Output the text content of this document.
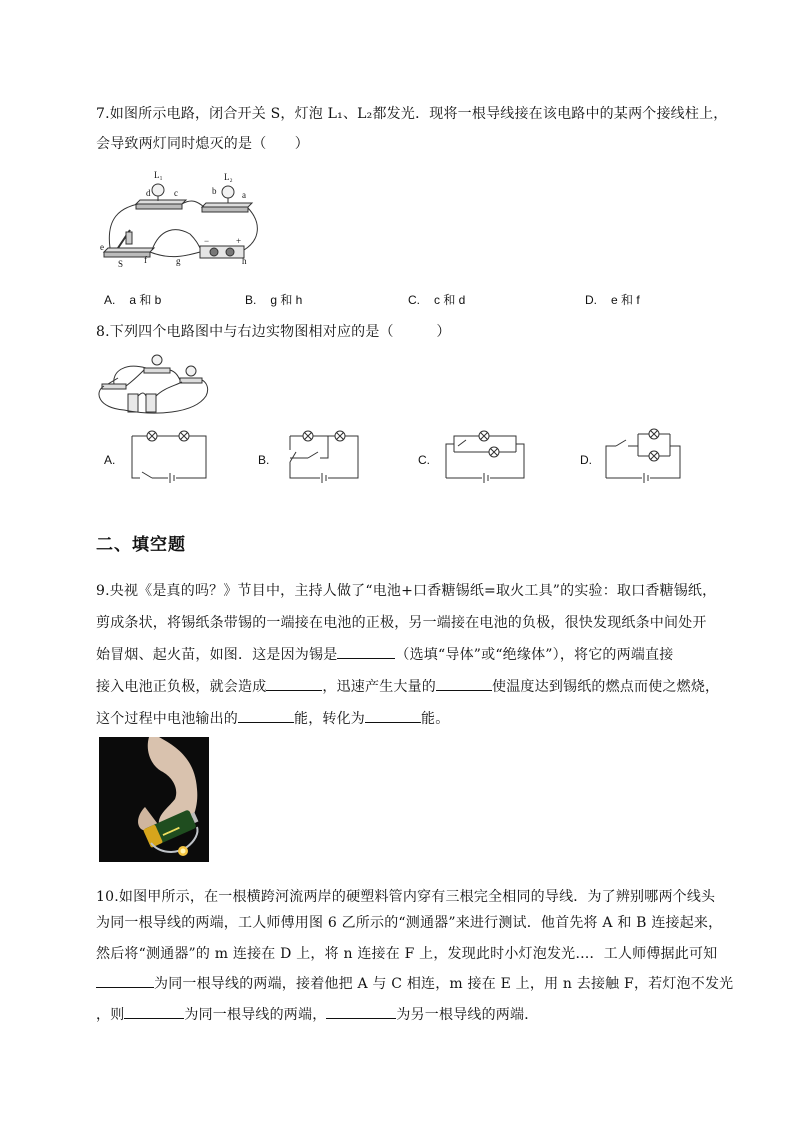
7.如图所示电路，闭合开关 S，灯泡 L₁、L₂都发光．现将一根导线接在该电路中的某两个接线柱上，
会导致两灯同时熄灭的是（　　）
L₁	L₂
d	c	b	a
e
S f	g	h
−	+
A. a 和 b	B. g 和 h	C. c 和 d	D. e 和 f
8.下列四个电路图中与右边实物图相对应的是（　　　）
A.	B.	C.	D.
二、填空题
9.央视《是真的吗？》节目中，主持人做了“电池+口香糖锡纸=取火工具”的实验：取口香糖锡纸，
剪成条状，将锡纸条带锡的一端接在电池的正极，另一端接在电池的负极，很快发现纸条中间处开
始冒烟、起火苗，如图．这是因为锡是	（选填“导体”或“绝缘体”），将它的两端直接
接入电池正负极，就会造成	，迅速产生大量的	使温度达到锡纸的燃点而使之燃烧，
这个过程中电池输出的	能，转化为	能。
▬▬▬
10.如图甲所示，在一根横跨河流两岸的硬塑料管内穿有三根完全相同的导线．为了辨别哪两个线头
为同一根导线的两端，工人师傅用图 6 乙所示的“测通器”来进行测试．他首先将 A 和 B 连接起来，
然后将“测通器”的 m 连接在 D 上，将 n 连接在 F 上，发现此时小灯泡发光…．工人师傅据此可知
为同一根导线的两端，接着他把 A 与 C 相连，m 接在 E 上，用 n 去接触 F，若灯泡不发光
，则	为同一根导线的两端，	为另一根导线的两端．
